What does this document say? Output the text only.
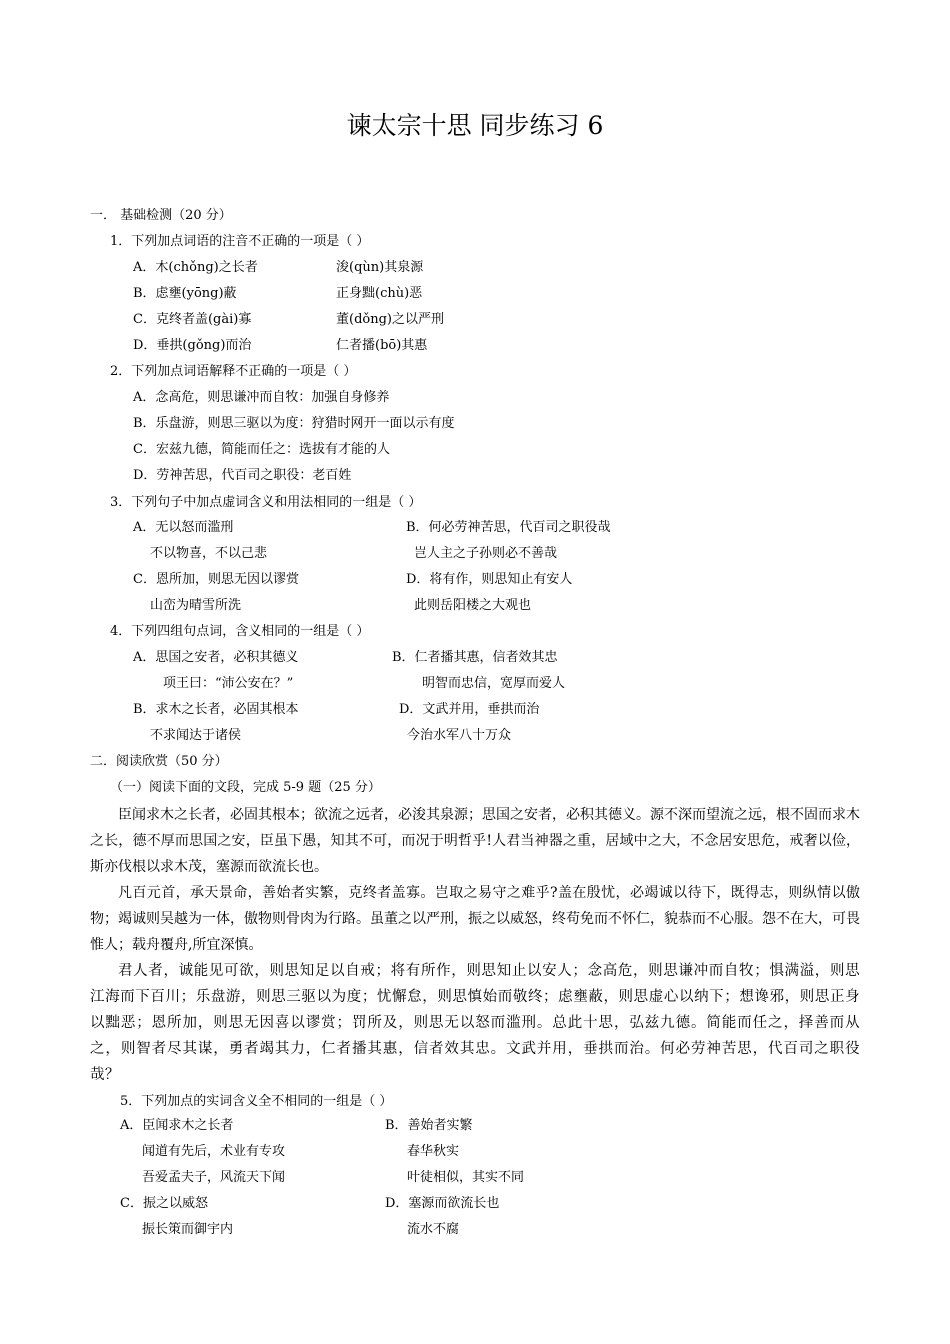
谏太宗十思 同步练习 6
一． 基础检测（20 分）
1．下列加点词语的注音不正确的一项是（ ）
A．木(chǒng)之长者	浚(qùn)其泉源
B．虑壅(yōng)蔽	正身黜(chù)恶
C．克终者盖(gài)寡	董(dǒng)之以严刑
D．垂拱(gǒng)而治	仁者播(bō)其惠
2．下列加点词语解释不正确的一项是（ ）
A．念高危，则思谦冲而自牧：加强自身修养
B．乐盘游，则思三驱以为度：狩猎时网开一面以示有度
C．宏兹九德，简能而任之：选拔有才能的人
D．劳神苦思，代百司之职役：老百姓
3．下列句子中加点虚词含义和用法相同的一组是（ ）
A．无以怒而滥刑	B．何必劳神苦思，代百司之职役哉
不以物喜，不以己悲	岂人主之子孙则必不善哉
C．恩所加，则思无因以谬赏	D．将有作，则思知止有安人
山峦为晴雪所洗	此则岳阳楼之大观也
4．下列四组句点词，含义相同的一组是（ ）
A．思国之安者，必积其德义	B．仁者播其惠，信者效其忠
项王曰：“沛公安在？”	明智而忠信，宽厚而爱人
B．求木之长者，必固其根本	D．文武并用，垂拱而治
不求闻达于诸侯	今治水军八十万众
二．阅读欣赏（50 分）
（一）阅读下面的文段，完成 5-9 题（25 分）
臣闻求木之长者，必固其根本；欲流之远者，必浚其泉源；思国之安者，必积其德义。源不深而望流之远，根不固而求木之长，德不厚而思国之安，臣虽下愚，知其不可，而况于明哲乎!人君当神器之重，居域中之大，不念居安思危，戒奢以俭，斯亦伐根以求木茂，塞源而欲流长也。
凡百元首，承天景命，善始者实繁，克终者盖寡。岂取之易守之难乎?盖在殷忧，必竭诚以待下，既得志，则纵情以傲物；竭诚则吴越为一体，傲物则骨肉为行路。虽董之以严刑，振之以威怒，终苟免而不怀仁，貌恭而不心服。怨不在大，可畏惟人；载舟覆舟,所宜深慎。
君人者，诚能见可欲，则思知足以自戒；将有所作，则思知止以安人；念高危，则思谦冲而自牧；惧满溢，则思江海而下百川；乐盘游，则思三驱以为度；忧懈怠，则思慎始而敬终；虑壅蔽，则思虚心以纳下；想谗邪，则思正身以黜恶；恩所加，则思无因喜以谬赏；罚所及，则思无以怒而滥刑。总此十思，弘兹九德。简能而任之，择善而从之，则智者尽其谋，勇者竭其力，仁者播其惠，信者效其忠。文武并用，垂拱而治。何必劳神苦思，代百司之职役哉？
5．下列加点的实词含义全不相同的一组是（ ）
A．臣闻求木之长者	B．善始者实繁
闻道有先后，术业有专攻	春华秋实
吾爱孟夫子，风流天下闻	叶徒相似，其实不同
C．振之以威怒	D．塞源而欲流长也
振长策而御宇内	流水不腐
